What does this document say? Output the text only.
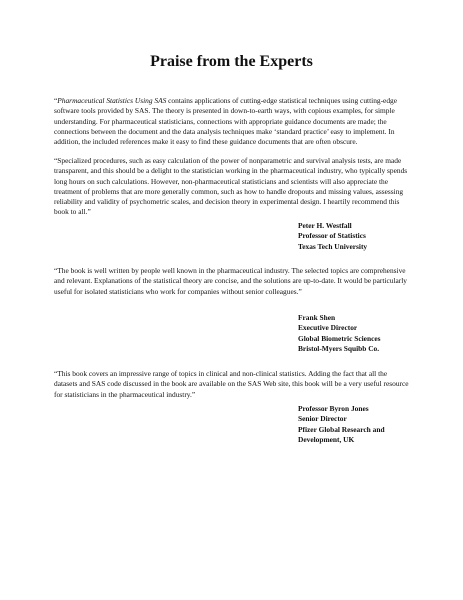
Praise from the Experts

“Pharmaceutical Statistics Using SAS contains applications of cutting-edge statistical techniques using cutting-edge software tools provided by SAS. The theory is presented in down-to-earth ways, with copious examples, for simple understanding. For pharmaceutical statisticians, connections with appropriate guidance documents are made; the connections between the document and the data analysis techniques make ‘standard practice’ easy to implement. In addition, the included references make it easy to find these guidance documents that are often obscure.

“Specialized procedures, such as easy calculation of the power of nonparametric and survival analysis tests, are made transparent, and this should be a delight to the statistician working in the pharmaceutical industry, who typically spends long hours on such calculations. However, non-pharmaceutical statisticians and scientists will also appreciate the treatment of problems that are more generally common, such as how to handle dropouts and missing values, assessing reliability and validity of psychometric scales, and decision theory in experimental design. I heartily recommend this book to all.”

Peter H. Westfall
Professor of Statistics
Texas Tech University

“The book is well written by people well known in the pharmaceutical industry. The selected topics are comprehensive and relevant. Explanations of the statistical theory are concise, and the solutions are up-to-date. It would be particularly useful for isolated statisticians who work for companies without senior colleagues.”

Frank Shen
Executive Director
Global Biometric Sciences
Bristol-Myers Squibb Co.

“This book covers an impressive range of topics in clinical and non-clinical statistics. Adding the fact that all the datasets and SAS code discussed in the book are available on the SAS Web site, this book will be a very useful resource for statisticians in the pharmaceutical industry.”

Professor Byron Jones
Senior Director
Pfizer Global Research and Development, UK
